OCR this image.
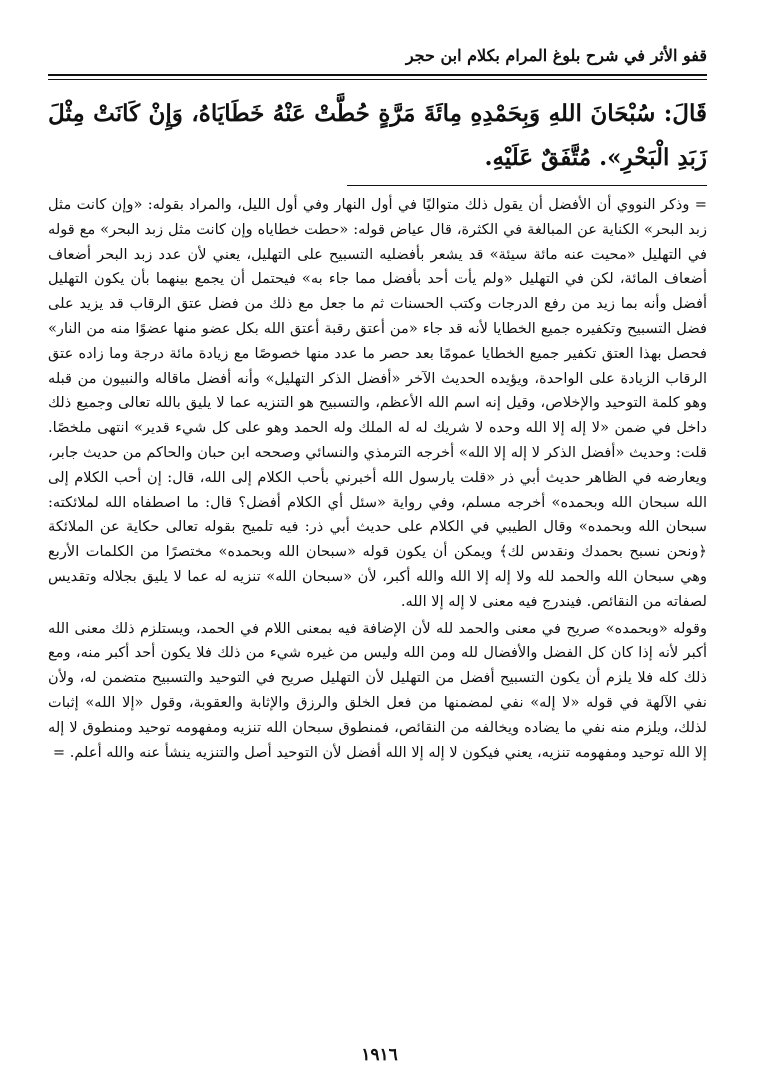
قفو الأثر في شرح بلوغ المرام بكلام ابن حجر
قَالَ: سُبْحَانَ اللهِ وَبِحَمْدِهِ مِائَةَ مَرَّةٍ حُطَّتْ عَنْهُ خَطَايَاهُ، وَإِنْ كَانَتْ مِثْلَ زَبَدِ الْبَحْرِ». مُتَّفَقٌ عَلَيْهِ.

= وذكر النووي أن الأفضل أن يقول ذلك متواليًا في أول النهار وفي أول الليل، والمراد بقوله: «وإن كانت مثل زبد البحر» الكناية عن المبالغة في الكثرة، قال عياض قوله: «حطت خطاياه وإن كانت مثل زبد البحر» مع قوله في التهليل «محيت عنه مائة سيئة» قد يشعر بأفضليه التسبيح على التهليل، يعني لأن عدد زبد البحر أضعاف أضعاف المائة، لكن في التهليل «ولم يأت أحد بأفضل مما جاء به» فيحتمل أن يجمع بينهما بأن يكون التهليل أفضل وأنه بما زيد من رفع الدرجات وكتب الحسنات ثم ما جعل مع ذلك من فضل عتق الرقاب قد يزيد على فضل التسبيح وتكفيره جميع الخطايا لأنه قد جاء «من أعتق رقبة أعتق الله بكل عضو منها عضوًا منه من النار» فحصل بهذا العتق تكفير جميع الخطايا عمومًا بعد حصر ما عدد منها خصوصًا مع زيادة مائة درجة وما زاده عتق الرقاب الزيادة على الواحدة، ويؤيده الحديث الآخر «أفضل الذكر التهليل» وأنه أفضل ماقاله والنبيون من قبله وهو كلمة التوحيد والإخلاص، وقيل إنه اسم الله الأعظم، والتسبيح هو التنزيه عما لا يليق بالله تعالى وجميع ذلك داخل في ضمن «لا إله إلا الله وحده لا شريك له له الملك وله الحمد وهو على كل شيء قدير» انتهى ملخصًا. قلت: وحديث «أفضل الذكر لا إله إلا الله» أخرجه الترمذي والنسائي وصححه ابن حبان والحاكم من حديث جابر، ويعارضه في الظاهر حديث أبي ذر «قلت يارسول الله أخبرني بأحب الكلام إلى الله، قال: إن أحب الكلام إلى الله سبحان الله وبحمده» أخرجه مسلم، وفي رواية «سئل أي الكلام أفضل؟ قال: ما اصطفاه الله لملائكته: سبحان الله وبحمده» وقال الطيبي في الكلام على حديث أبي ذر: فيه تلميح بقوله تعالى حكاية عن الملائكة ﴿ونحن نسبح بحمدك ونقدس لك﴾ ويمكن أن يكون قوله «سبحان الله وبحمده» مختصرًا من الكلمات الأربع وهي سبحان الله والحمد لله ولا إله إلا الله والله أكبر، لأن «سبحان الله» تنزيه له عما لا يليق بجلاله وتقديس لصفاته من النقائص. فيندرج فيه معنى لا إله إلا الله.

وقوله «وبحمده» صريح في معنى والحمد لله لأن الإضافة فيه بمعنى اللام في الحمد، ويستلزم ذلك معنى الله أكبر لأنه إذا كان كل الفضل والأفضال لله ومن الله وليس من غيره شيء من ذلك فلا يكون أحد أكبر منه، ومع ذلك كله فلا يلزم أن يكون التسبيح أفضل من التهليل لأن التهليل صريح في التوحيد والتسبيح متضمن له، ولأن نفي الآلهة في قوله «لا إله» نفي لمضمنها من فعل الخلق والرزق والإثابة والعقوبة، وقول «إلا الله» إثبات لذلك، ويلزم منه نفي ما يضاده ويخالفه من النقائص، فمنطوق سبحان الله تنزيه ومفهومه توحيد ومنطوق لا إله إلا الله توحيد ومفهومه تنزيه، يعني فيكون لا إله إلا الله أفضل لأن التوحيد أصل والتنزيه ينشأ عنه والله أعلم. =

١٩١٦
